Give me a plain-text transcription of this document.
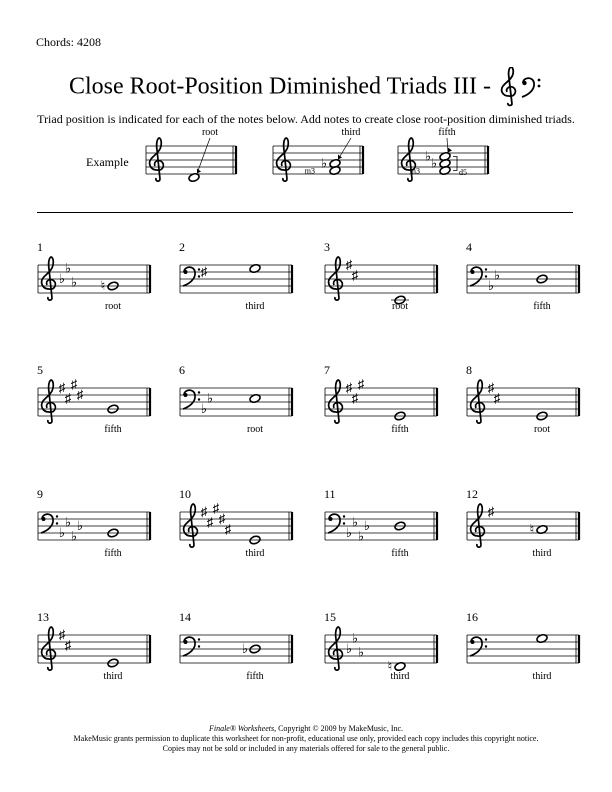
Chords: 4208
Close Root-Position Diminished Triads III -
Triad position is indicated for each of the notes below. Add notes to create close root-position diminished triads.
Example
root
♭
third
m3
♭
♭
fifth
m3	d5
1
♭
♭
♭ ♮
root
2
♯
third
3
♯
♯
root
4
♭
♭
fifth
5
♯
♯
♯
♯
fifth
6
♭
♭
root
7
♯
♯
♯
fifth
8
♯
♯
root
9
♭
♭
♭
♭
fifth
10
♯
♯
♯
♯
♯
third
11
♭
♭
♭
♭
fifth
12
♯
♮
third
13
♯
♯
third
14
♭
fifth
15
♭
♭
♭
♮
third
16
third
Finale® Worksheets, Copyright © 2009 by MakeMusic, Inc.
MakeMusic grants permission to duplicate this worksheet for non-profit, educational use only, provided each copy includes this copyright notice.
Copies may not be sold or included in any materials offered for sale to the general public.
